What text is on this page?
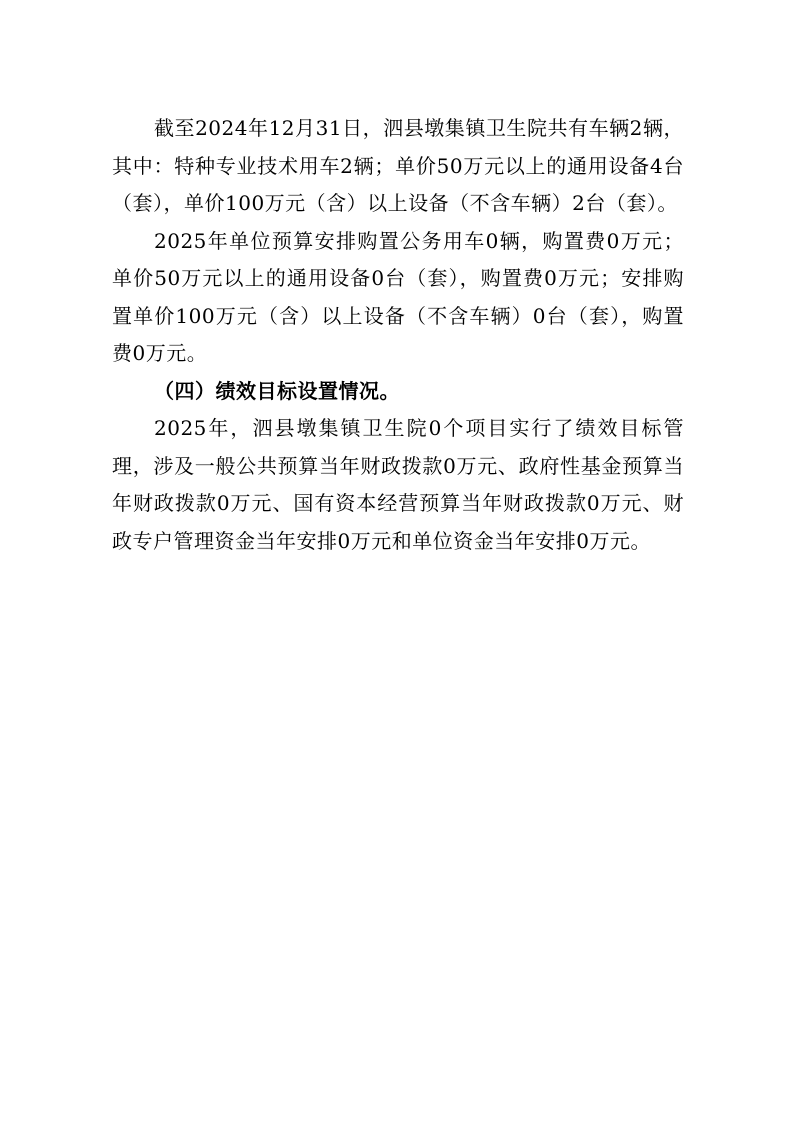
截至2024年12月31日，泗县墩集镇卫生院共有车辆2辆，其中：特种专业技术用车2辆；单价50万元以上的通用设备4台（套），单价100万元（含）以上设备（不含车辆）2台（套）。

2025年单位预算安排购置公务用车0辆，购置费0万元；单价50万元以上的通用设备0台（套），购置费0万元；安排购置单价100万元（含）以上设备（不含车辆）0台（套），购置费0万元。

（四）绩效目标设置情况。

2025年，泗县墩集镇卫生院0个项目实行了绩效目标管理，涉及一般公共预算当年财政拨款0万元、政府性基金预算当年财政拨款0万元、国有资本经营预算当年财政拨款0万元、财政专户管理资金当年安排0万元和单位资金当年安排0万元。
